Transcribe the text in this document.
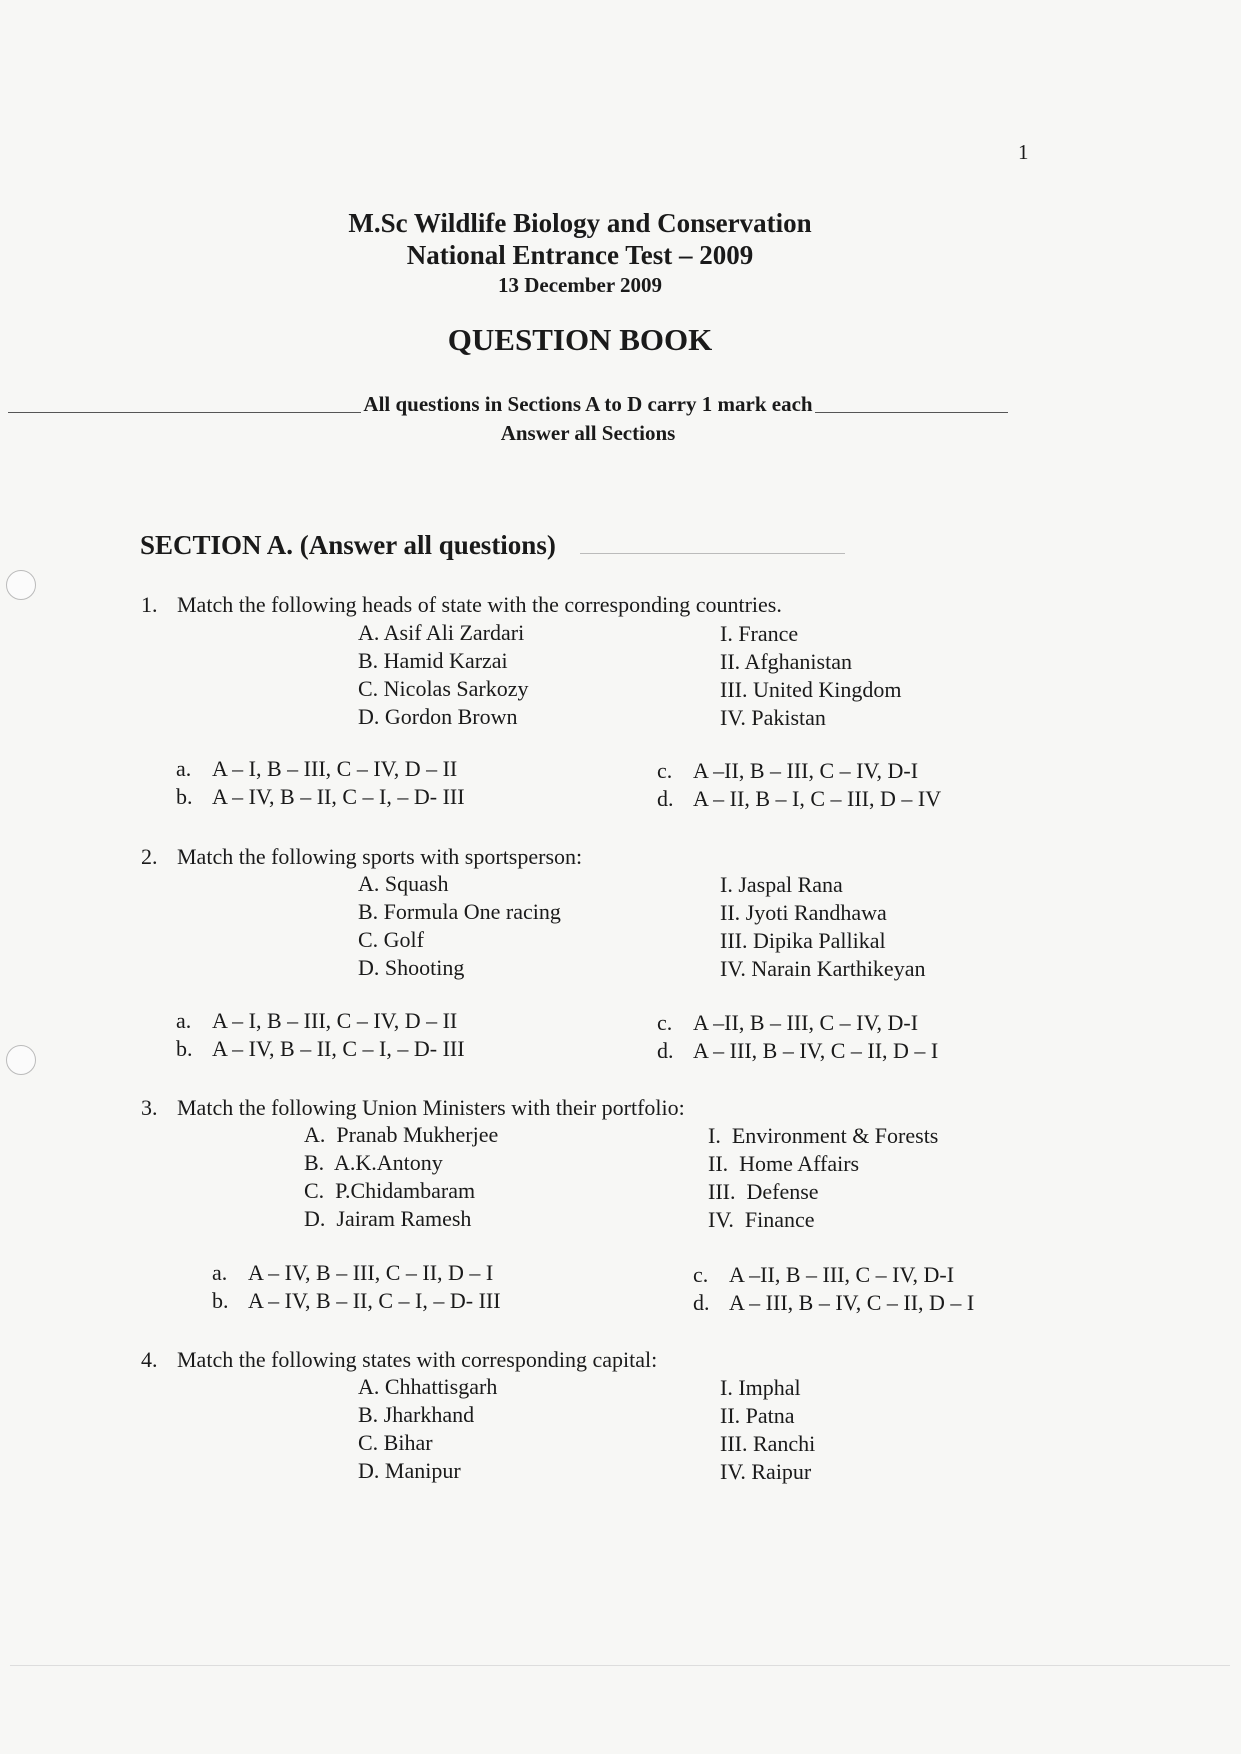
1
M.Sc Wildlife Biology and Conservation
National Entrance Test – 2009
13 December 2009
QUESTION BOOK
All questions in Sections A to D carry 1 mark each
Answer all Sections
SECTION A. (Answer all questions)
1. Match the following heads of state with the corresponding countries.
A. Asif Ali Zardari
B. Hamid Karzai
C. Nicolas Sarkozy
D. Gordon Brown
I. France
II. Afghanistan
III. United Kingdom
IV. Pakistan
a. A – I, B – III, C – IV, D – II
b. A – IV, B – II, C – I, – D- III
c. A –II, B – III, C – IV, D-I
d. A – II, B – I, C – III, D – IV
2. Match the following sports with sportsperson:
A. Squash
B. Formula One racing
C. Golf
D. Shooting
I. Jaspal Rana
II. Jyoti Randhawa
III. Dipika Pallikal
IV. Narain Karthikeyan
a. A – I, B – III, C – IV, D – II
b. A – IV, B – II, C – I, – D- III
c. A –II, B – III, C – IV, D-I
d. A – III, B – IV, C – II, D – I
3. Match the following Union Ministers with their portfolio:
A.  Pranab Mukherjee
B.  A.K.Antony
C.  P.Chidambaram
D.  Jairam Ramesh
I.  Environment & Forests
II.  Home Affairs
III.  Defense
IV.  Finance
a. A – IV, B – III, C – II, D – I
b. A – IV, B – II, C – I, – D- III
c. A –II, B – III, C – IV, D-I
d. A – III, B – IV, C – II, D – I
4. Match the following states with corresponding capital:
A. Chhattisgarh
B. Jharkhand
C. Bihar
D. Manipur
I. Imphal
II. Patna
III. Ranchi
IV. Raipur
